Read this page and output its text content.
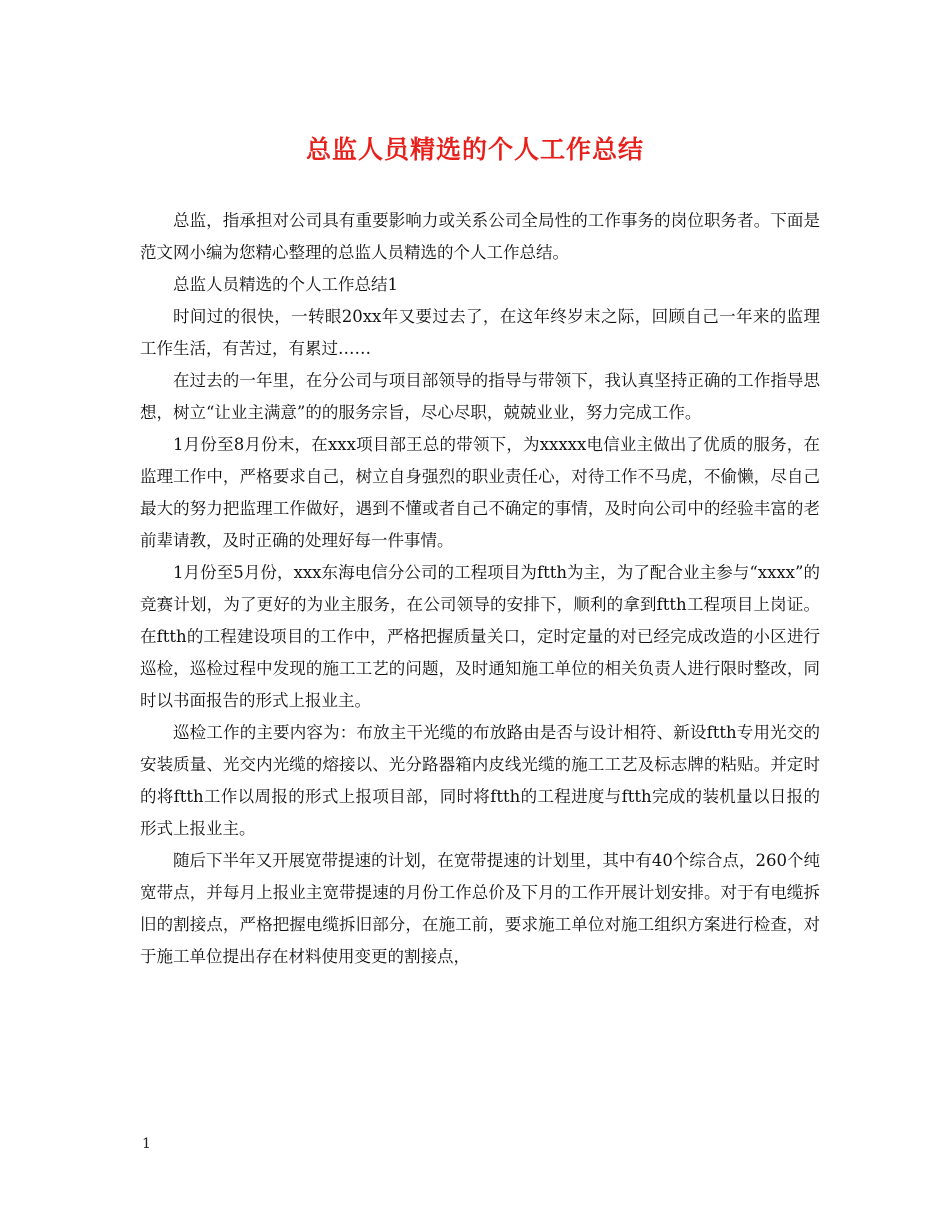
总监人员精选的个人工作总结

总监，指承担对公司具有重要影响力或关系公司全局性的工作事务的岗位职务者。下面是范文网小编为您精心整理的总监人员精选的个人工作总结。

总监人员精选的个人工作总结1

时间过的很快，一转眼20xx年又要过去了，在这年终岁末之际，回顾自己一年来的监理工作生活，有苦过，有累过……

在过去的一年里，在分公司与项目部领导的指导与带领下，我认真坚持正确的工作指导思想，树立“让业主满意”的的服务宗旨，尽心尽职，兢兢业业，努力完成工作。

1月份至8月份末，在xxx项目部王总的带领下，为xxxxx电信业主做出了优质的服务，在监理工作中，严格要求自己，树立自身强烈的职业责任心，对待工作不马虎，不偷懒，尽自己最大的努力把监理工作做好，遇到不懂或者自己不确定的事情，及时向公司中的经验丰富的老前辈请教，及时正确的处理好每一件事情。

1月份至5月份，xxx东海电信分公司的工程项目为ftth为主，为了配合业主参与“xxxx”的竞赛计划，为了更好的为业主服务，在公司领导的安排下，顺利的拿到ftth工程项目上岗证。在ftth的工程建设项目的工作中，严格把握质量关口，定时定量的对已经完成改造的小区进行巡检，巡检过程中发现的施工工艺的问题，及时通知施工单位的相关负责人进行限时整改，同时以书面报告的形式上报业主。

巡检工作的主要内容为：布放主干光缆的布放路由是否与设计相符、新设ftth专用光交的安装质量、光交内光缆的熔接以、光分路器箱内皮线光缆的施工工艺及标志牌的粘贴。并定时的将ftth工作以周报的形式上报项目部，同时将ftth的工程进度与ftth完成的装机量以日报的形式上报业主。

随后下半年又开展宽带提速的计划，在宽带提速的计划里，其中有40个综合点，260个纯宽带点，并每月上报业主宽带提速的月份工作总价及下月的工作开展计划安排。对于有电缆拆旧的割接点，严格把握电缆拆旧部分，在施工前，要求施工单位对施工组织方案进行检查，对于施工单位提出存在材料使用变更的割接点，

1
